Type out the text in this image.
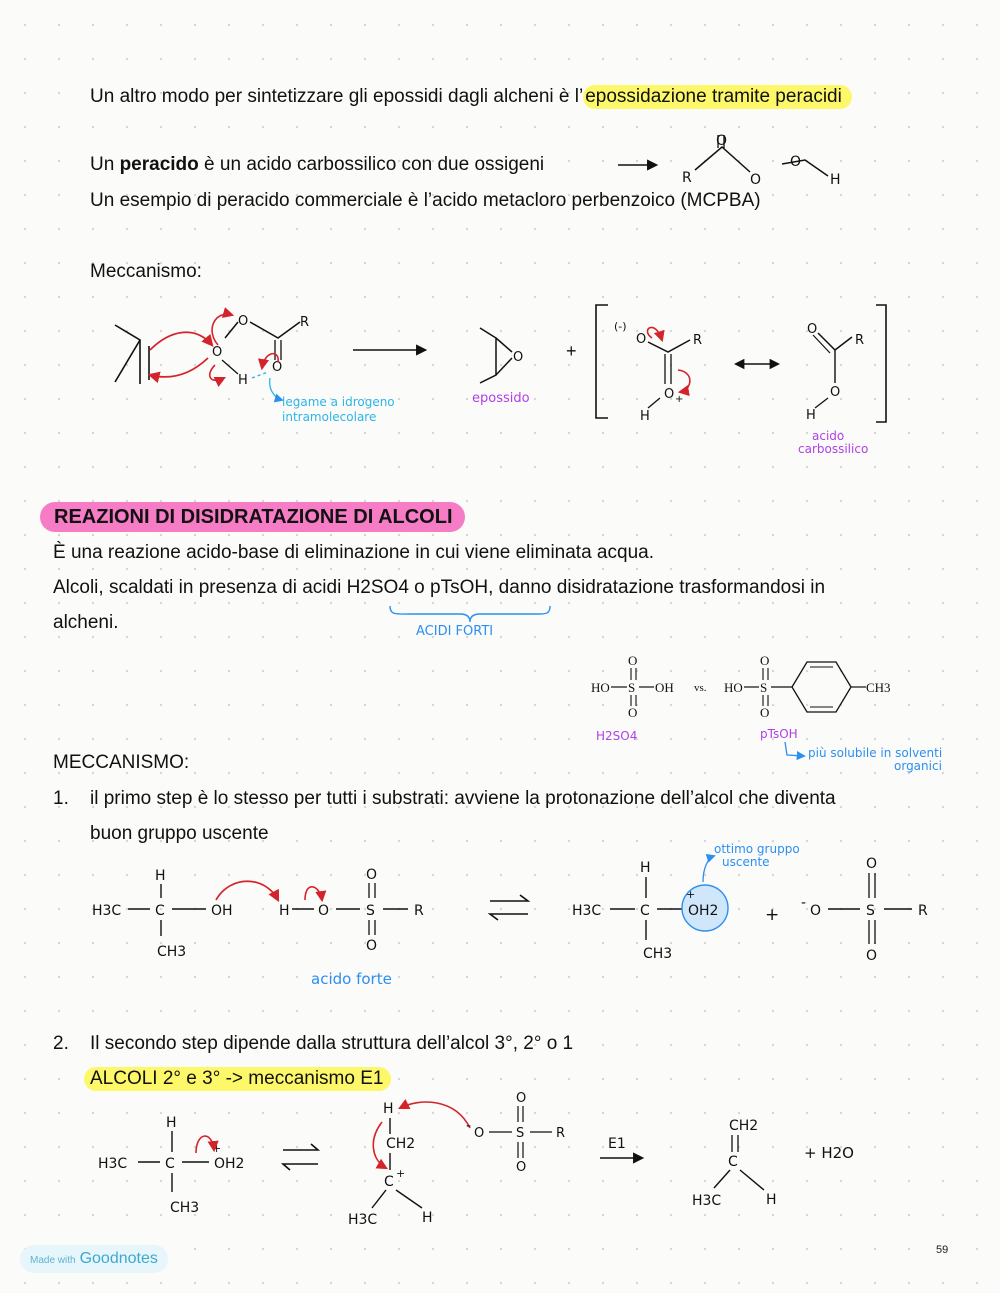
Un altro modo per sintetizzare gli epossidi dagli alcheni è l’ epossidazione tramite peracidi
Un peracido è un acido carbossilico con due ossigeni
Un esempio di peracido commerciale è l’acido metacloro perbenzoico (MCPBA)
Meccanismo:
REAZIONI DI DISIDRATAZIONE DI ALCOLI
È una reazione acido-base di eliminazione in cui viene eliminata acqua.
Alcoli, scaldati in presenza di acidi H2SO4 o pTsOH, danno disidratazione trasformandosi in
alcheni.
MECCANISMO:
1. il primo step è lo stesso per tutti i substrati: avviene la protonazione dell’alcol che diventa
buon gruppo uscente
2. Il secondo step dipende dalla struttura dell’alcol 3°, 2° o 1
ALCOLI 2° e 3° -> meccanismo E1
O
R	O
O
H
O
O
O
R
H
legame a idrogeno
intramolecolare
O
epossido
+
(-)
O	R
O +
H
O
R
O
H
acido
carbossilico
ACIDI FORTI
HO S OH
O
O
vs. HO S
O
O
CH3
H2SO4	pTsOH
più solubile in solventi
organici
H
H3C C	OH
CH3
H O	S	R
O
O
acido forte
H
H3C	C	OH2
+
CH3
ottimo gruppo
uscente
+
- O	S	R
O
O
H
H3C	C	OH2
+
CH3
H
CH2
C
+
H3C	H
- O S R
O
O
E1
CH2
C
H3C	H
+ H2O
Made with Goodnotes	59
